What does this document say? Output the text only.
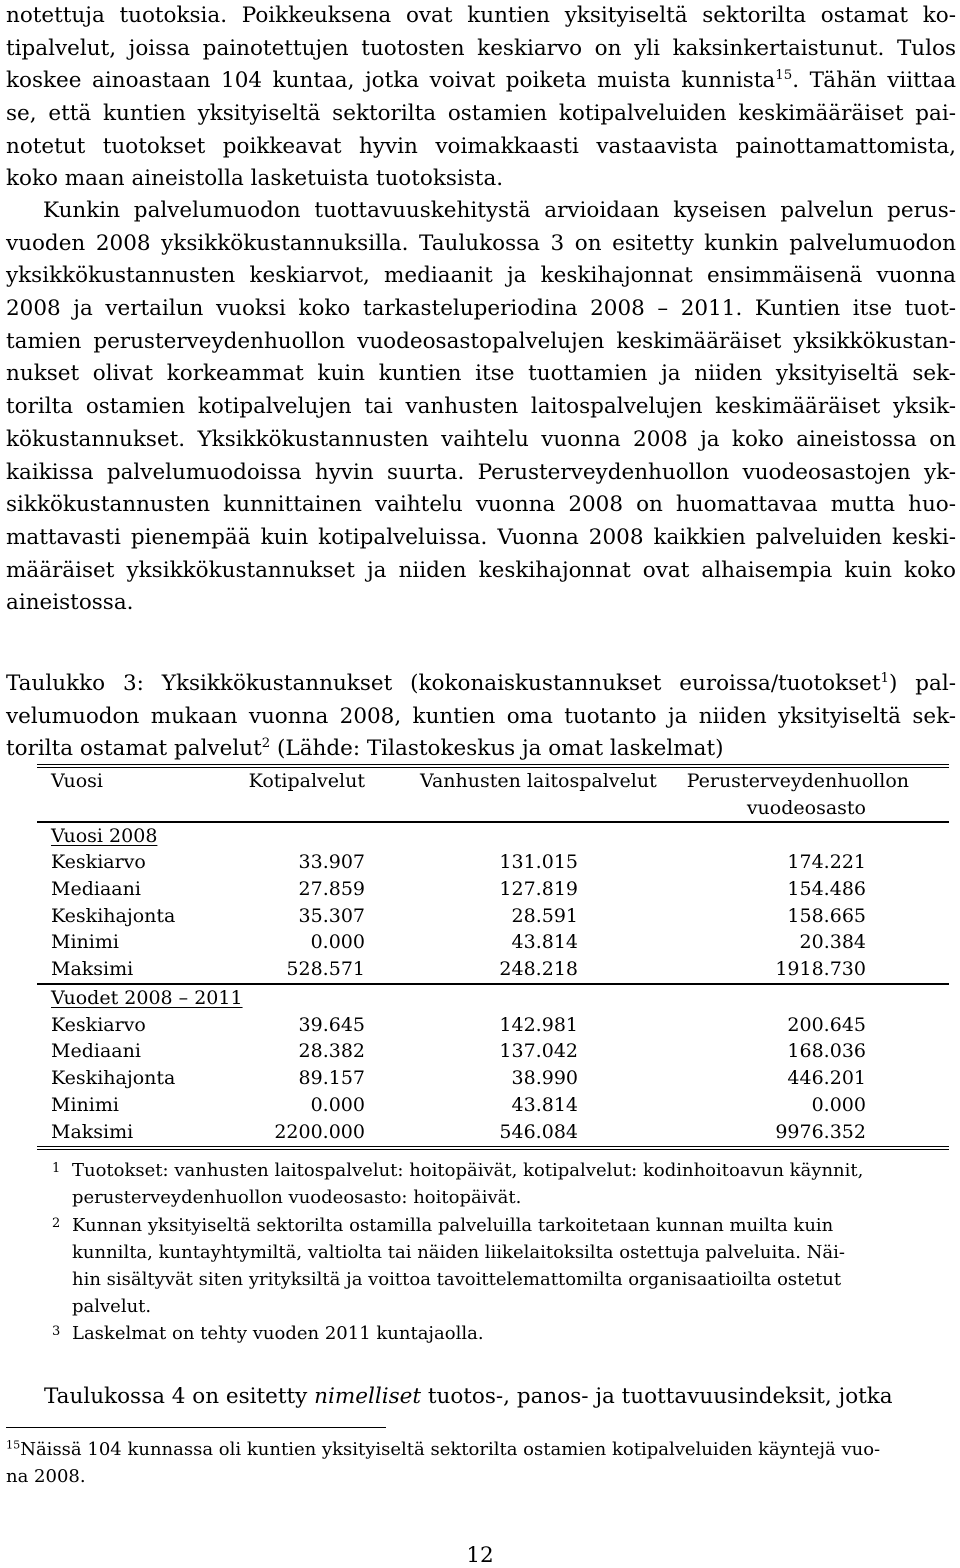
notettuja tuotoksia. Poikkeuksena ovat kuntien yksityiseltä sektorilta ostamat ko-
tipalvelut, joissa painotettujen tuotosten keskiarvo on yli kaksinkertaistunut. Tulos
koskee ainoastaan 104 kuntaa, jotka voivat poiketa muista kunnista$^{15}$. Tähän viittaa
se, että kuntien yksityiseltä sektorilta ostamien kotipalveluiden keskimääräiset pai-
notetut tuotokset poikkeavat hyvin voimakkaasti vastaavista painottamattomista,
koko maan aineistolla lasketuista tuotoksista.
Kunkin palvelumuodon tuottavuuskehitystä arvioidaan kyseisen palvelun perus-
vuoden 2008 yksikkökustannuksilla. Taulukossa 3 on esitetty kunkin palvelumuodon
yksikkökustannusten keskiarvot, mediaanit ja keskihajonnat ensimmäisenä vuonna
2008 ja vertailun vuoksi koko tarkasteluperiodina 2008 – 2011. Kuntien itse tuot-
tamien perusterveydenhuollon vuodeosastopalvelujen keskimääräiset yksikkökustan-
nukset olivat korkeammat kuin kuntien itse tuottamien ja niiden yksityiseltä sek-
torilta ostamien kotipalvelujen tai vanhusten laitospalvelujen keskimääräiset yksik-
kökustannukset. Yksikkökustannusten vaihtelu vuonna 2008 ja koko aineistossa on
kaikissa palvelumuodoissa hyvin suurta. Perusterveydenhuollon vuodeosastojen yk-
sikkökustannusten kunnittainen vaihtelu vuonna 2008 on huomattavaa mutta huo-
mattavasti pienempää kuin kotipalveluissa. Vuonna 2008 kaikkien palveluiden keski-
määräiset yksikkökustannukset ja niiden keskihajonnat ovat alhaisempia kuin koko
aineistossa.
Taulukko 3: Yksikkökustannukset (kokonaiskustannukset euroissa/tuotokset$^1$) pal-
velumuodon mukaan vuonna 2008, kuntien oma tuotanto ja niiden yksityiseltä sek-
torilta ostamat palvelut$^2$ (Lähde: Tilastokeskus ja omat laskelmat)
Vuosi	Kotipalvelut	Vanhusten laitospalvelut Perusterveydenhuollon
vuodeosasto
Vuosi 2008
Keskiarvo	33.907	131.015	174.221
Mediaani	27.859	127.819	154.486
Keskihajonta	35.307	28.591	158.665
Minimi	0.000	43.814	20.384
Maksimi	528.571	248.218	1918.730
Vuodet 2008 – 2011
Keskiarvo	39.645	142.981	200.645
Mediaani	28.382	137.042	168.036
Keskihajonta	89.157	38.990	446.201
Minimi	0.000	43.814	0.000
Maksimi	2200.000	546.084	9976.352
1 Tuotokset: vanhusten laitospalvelut: hoitopäivät, kotipalvelut: kodinhoitoavun käynnit,
perusterveydenhuollon vuodeosasto: hoitopäivät.
2 Kunnan yksityiseltä sektorilta ostamilla palveluilla tarkoitetaan kunnan muilta kuin
kunnilta, kuntayhtymiltä, valtiolta tai näiden liikelaitoksilta ostettuja palveluita. Näi-
hin sisältyvät siten yrityksiltä ja voittoa tavoittelemattomilta organisaatioilta ostetut
palvelut.
3 Laskelmat on tehty vuoden 2011 kuntajaolla.
Taulukossa 4 on esitetty nimelliset tuotos-, panos- ja tuottavuusindeksit, jotka
$^{15}$Näissä 104 kunnassa oli kuntien yksityiseltä sektorilta ostamien kotipalveluiden käyntejä vuo-
na 2008.
12
